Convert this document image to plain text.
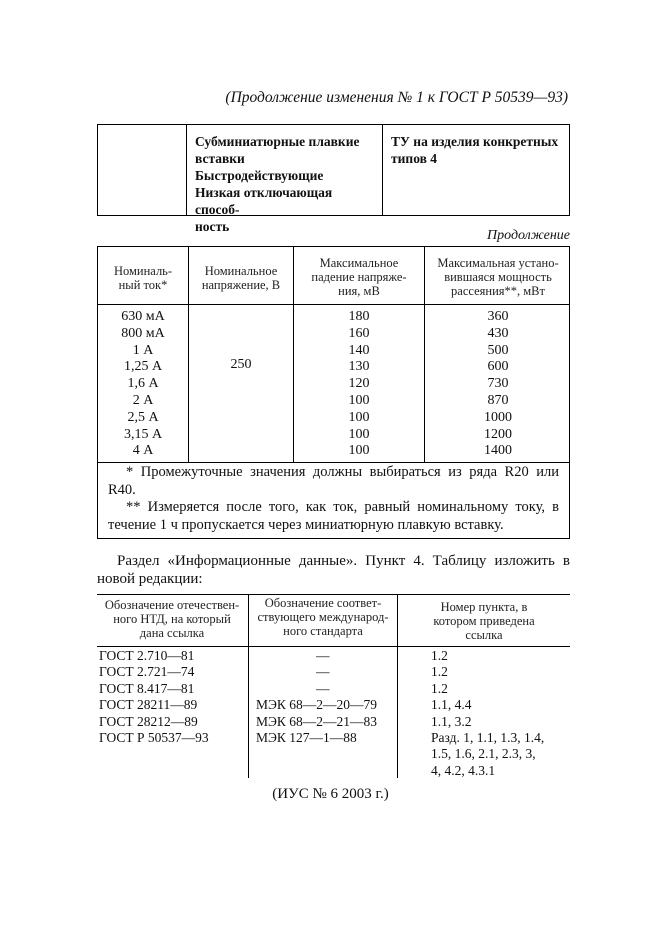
(Продолжение изменения № 1 к ГОСТ Р 50539—93)
Субминиатюрные плавкие
вставки
Быстродействующие
Низкая отключающая способ-
ность
ТУ на изделия конкретных
типов 4
Продолжение
Номиналь-
ный ток*
Номинальное
напряжение, В
Максимальное
падение напряже-
ния, мВ
Максимальная устано-
вившаяся мощность
рассеяния**, мВт
630 мА
800 мА
1 А
1,25 А
1,6 А
2 А
2,5 А
3,15 А
4 А
250
180
160
140
130
120
100
100
100
100
360
430
500
600
730
870
1000
1200
1400
* Промежуточные значения должны выбираться из ряда R20 или R40.
** Измеряется после того, как ток, равный номинальному току, в течение 1 ч пропускается через миниатюрную плавкую вставку.
Раздел «Информационные данные». Пункт 4. Таблицу изложить в новой редакции:
Обозначение отечествен-
ного НТД, на который
дана ссылка
Обозначение соответ-
ствующего международ-
ного стандарта
Номер пункта, в
котором приведена
ссылка
ГОСТ 2.710—81
ГОСТ 2.721—74
ГОСТ 8.417—81
ГОСТ 28211—89
ГОСТ 28212—89
ГОСТ Р 50537—93
—
—
—
МЭК 68—2—20—79
МЭК 68—2—21—83
МЭК 127—1—88
1.2
1.2
1.2
1.1, 4.4
1.1, 3.2
Разд. 1, 1.1, 1.3, 1.4,
1.5, 1.6, 2.1, 2.3, 3,
4, 4.2, 4.3.1
(ИУС № 6 2003 г.)
